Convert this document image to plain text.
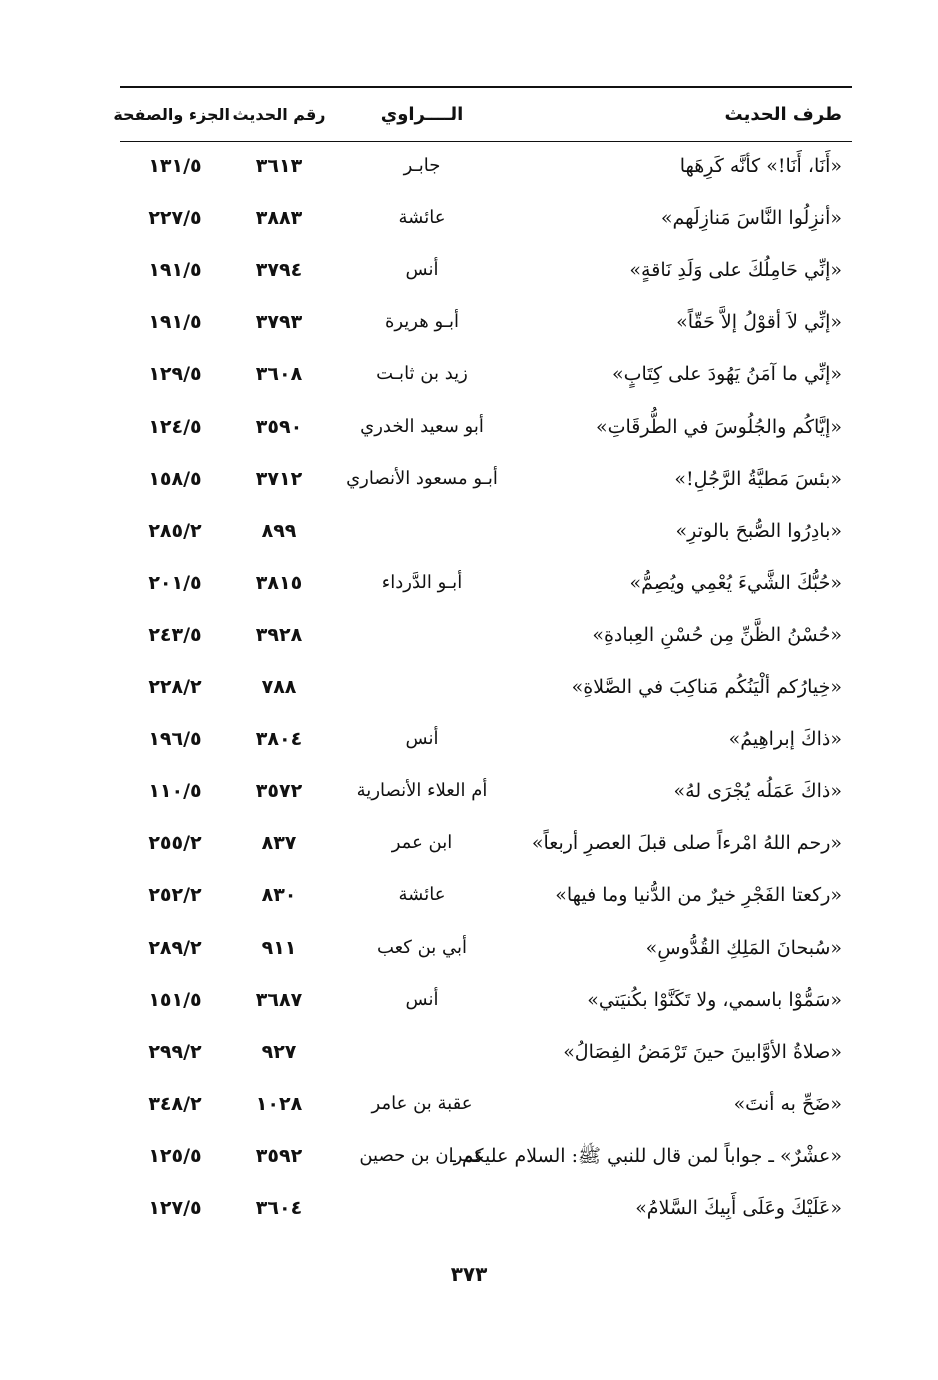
طرف الحديث
الــــراوي
رقم الحديث
الجزء والصفحة
«أَنَا، أَنَا!» كأنَّه كَرِهَها
جابـر
٣٦١٣
١٣١/٥
«أنزِلُوا النَّاسَ مَنازِلَهم»
عائشة
٣٨٨٣
٢٢٧/٥
«إنِّي حَامِلُكَ على وَلَدِ نَاقةٍ»
أنس
٣٧٩٤
١٩١/٥
«إنِّي لاَ أقوْلُ إلاَّ حَقّاً»
أبـو هريرة
٣٧٩٣
١٩١/٥
«إنِّي ما آمَنُ يَهُودَ على كِتَابٍ»
زيد بن ثابـت
٣٦٠٨
١٢٩/٥
«إيَّاكُم والجُلُوسَ في الطُّرقَاتِ»
أبو سعيد الخدري
٣٥٩٠
١٢٤/٥
«بئسَ مَطيَّةُ الرَّجُلِ!»
أبـو مسعود الأنصاري
٣٧١٢
١٥٨/٥
«بادِرُوا الصُّبحَ بالوترِ»
٨٩٩
٢٨٥/٢
«حُبُّكَ الشَّيءَ يُعْمِي ويُصِمُّ»
أبـو الدَّرداء
٣٨١٥
٢٠١/٥
«حُسْنُ الظَّنِّ مِن حُسْنِ العِبادةِ»
٣٩٢٨
٢٤٣/٥
«خِيارُكم ألْيَنُكُم مَناكِبَ في الصَّلاةِ»
٧٨٨
٢٢٨/٢
«ذاكَ إبراهِيمُ»
أنس
٣٨٠٤
١٩٦/٥
«ذاكَ عَمَلُه يُجْرَى لهُ»
أم العلاء الأنصارية
٣٥٧٢
١١٠/٥
«رحم اللهُ امْرءاً صلى قبلَ العصرِ أربعاً»
ابن عمر
٨٣٧
٢٥٥/٢
«ركعتا الفَجْرِ خيرٌ من الدُّنيا وما فيها»
عائشة
٨٣٠
٢٥٢/٢
«سُبحانَ المَلِكِ القُدُّوسِ»
أبي بن كعب
٩١١
٢٨٩/٢
«سَمُّوْا باسمي، ولا تَكَنَّوْا بكُنيَتي»
أنس
٣٦٨٧
١٥١/٥
«صلاةُ الأوَّابينَ حينَ تَرْمَضُ الفِصَالُ»
٩٢٧
٢٩٩/٢
«ضَحِّ به أنتَ»
عقبة بن عامر
١٠٢٨
٣٤٨/٢
«عشْرٌ» ـ جواباً لمن قال للنبي ﷺ: السلام عليكم ـ
عمران بن حصين
٣٥٩٢
١٢٥/٥
«عَلَيْكَ وعَلَى أَبِيكَ السَّلامُ»
٣٦٠٤
١٢٧/٥
٣٧٣
